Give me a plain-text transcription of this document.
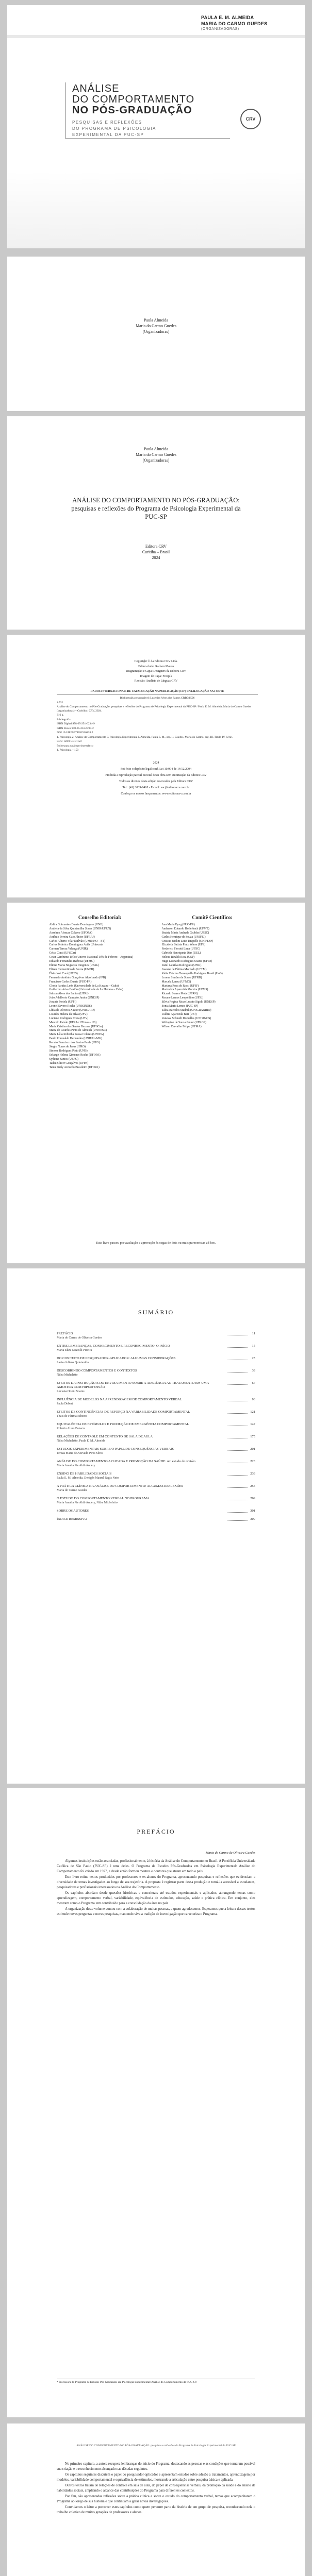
PAULA E. M. ALMEIDA
MARIA DO CARMO GUEDES
(ORGANIZADORAS)
ANÁLISE
DO COMPORTAMENTO
NO PÓS-GRADUAÇÃO
PESQUISAS E REFLEXÕES
DO PROGRAMA DE PSICOLOGIA
EXPERIMENTAL DA PUC-SP
CRV
Paula Almeida
Maria do Carmo Guedes
(Organizadoras)
Paula Almeida
Maria do Carmo Guedes
(Organizadoras)
ANÁLISE DO COMPORTAMENTO NO PÓS-GRADUAÇÃO: pesquisas e reflexões do Programa de Psicologia Experimental da PUC-SP
Editora CRV
Curitiba – Brasil
2024

Copyright © da Editora CRV Ltda.

Editor-chefe: Railson Moura

Diagramação e Capa: Designers da Editora CRV

Imagem de Capa: Freepik

Revisão: Analista de Línguas CRV

DADOS INTERNACIONAIS DE CATALOGAÇÃO NA PUBLICAÇÃO (CIP) CATALOGAÇÃO NA FONTE

Bibliotecária responsável: Luzenira Alves dos Santos CRB9/1506

A532

Análise do Comportamento no Pós-Graduação: pesquisas e reflexões do Programa de Psicologia Experimental da PUC-SP / Paula E. M. Almeida, Maria do Carmo Guedes (organizadoras) – Curitiba : CRV, 2024.

316 p.

Bibliografia

ISBN Digital 978-65-251-6234-9

ISBN Físico 978-65-251-6233-2

DOI 10.24824/978652516233.2

1. Psicologia 2. Análise do Comportamento 3. Psicologia Experimental I. Almeida, Paula E. M., org. II. Guedes, Maria do Carmo, org. III. Título IV. Série.

CDU 159.9 CDD 150

Índice para catálogo sistemático

1. Psicologia – 150

2024

Foi feito o depósito legal conf. Lei 10.994 de 14/12/2004

Proibida a reprodução parcial ou total desta obra sem autorização da Editora CRV

Todos os direitos desta edição reservados pela Editora CRV

Tel.: (41) 3039-6418 - E-mail: sac@editoracrv.com.br

Conheça os nossos lançamentos: www.editoracrv.com.br

Conselho Editorial:
Aldira Guimarães Duarte Domínguez (UNB)
Andréia da Silva Quintanilha Sousa (UNIR/UFRN)
Anselmo Alencar Colares (UFOPA)
Antônio Pereira Gaio Júnior (UFRRJ)
Carlos Alberto Vilar Estêvão (UMINHO – PT)
Carlos Federico Dominguez Avila (Unieuro)
Carmen Tereza Velanga (UNIR)
Celso Conti (UFSCar)
Cesar Gerónimo Tello (Univer. Nacional Três de Febrero – Argentina)
Eduardo Fernandes Barbosa (UFMG)
Elione Maria Nogueira Diogenes (UFAL)
Elizeu Clementino de Souza (UNEB)
Élsio José Corá (UFFS)
Fernando Antônio Gonçalves Alcoforado (IPB)
Francisco Carlos Duarte (PUC-PR)
Gloria Fariñas León (Universidade de La Havana – Cuba)
Guillermo Arias Beatón (Universidade de La Havana – Cuba)
Jailson Alves dos Santos (UFRJ)
João Adalberto Campato Junior (UNESP)
Josania Portela (UFPI)
Leonel Severo Rocha (UNISINOS)
Lídia de Oliveira Xavier (UNIEURO)
Lourdes Helena da Silva (UFV)
Luciano Rodrigues Costa (UFV)
Marcelo Paixão (UFRJ e UTexas – US)
Maria Cristina dos Santos Bezerra (UFSCar)
Maria de Lourdes Pinto de Almeida (UNOESC)
Maria Lília Imbiriba Sousa Colares (UFOPA)
Paulo Romualdo Hernandes (UNIFAL-MG)
Renato Francisco dos Santos Paula (UFG)
Sérgio Nunes de Jesus (IFRO)
Simone Rodrigues Pinto (UNB)
Solange Helena Ximenes-Rocha (UFOPA)
Sydione Santos (UEPG)
Tadeu Oliver Gonçalves (UFPA)
Tania Suely Azevedo Brasileiro (UFOPA)
Comitê Científico:
Ana Maria Eyng (PUC-PR)
Anderson Eduardo Hollerbach (UFMT)
Beatriz Maria Andrade Grubba (UFSC)
Carlos Henrique de Souza (UNIFEI)
Cristina Jardim Leite Tirapelle (UNIFESP)
Elizabeth Batista Pinto Wiese (UFS)
Frederico Fiorotti Lima (UFSC)
Gabriela Henriqueta Dias (UEL)
Helena Rinaldi Rosa (USP)
Hugo Leonardo Rodrigues Soares (UFRJ)
Iramí da Silva Rodrigues (UFRJ)
Joseane de Fátima Machado (UFTM)
Kátia Cristina Tarouquella Rodrigues Brasil (UnB)
Lorena Simões de Souza (UFRB)
Marcela Lanza (UFMG)
Mariana Rosa de Rossi (UFJF)
Marinalva Aparecida Moreira (UFMS)
Ricardo Soares Mota (UFRN)
Rosane Lemos Leopoldino (UFSJ)
Silvia Regina Ricco Lucato Sigolo (UNESP)
Sonia Maria Lemos (PUC-SP)
Talita Barcelos Stadnik (UNIGRANRIO)
Valéria Aparecida Bari (UFJ)
Vanessa Schmidt Dornelles (UNISINOS)
Welington de Souza Junior (UFRGS)
Wilson Carvalho Felipe (UFMA)
Este livro passou por avaliação e aprovação às cegas de dois ou mais pareceristas ad hoc.
SUMÁRIO
PREFÁCIO
Maria do Carmo de Oliveira Guedes
11
ENTRE LEMBRANÇAS, CONHECIMENTO E RECONHECIMENTO: O INÍCIO
Maria Eliza Mazzilli Pereira
15
DO CONCEITO DE PESQUISADOR-APLICADOR: ALGUMAS CONSIDERAÇÕES
Larisa Juliana Quintanilha
25
DESCOBRINDO COMPORTAMENTOS E CONTEXTOS
Nilza Micheletto
39
EFEITOS DA INSTRUÇÃO E DO ENVOLVIMENTO SOBRE A ADERÊNCIA AO TRATAMENTO EM UMA AMOSTRA COM HIPERTENSÃO
Luciana Ottoni Soares
67
INFLUÊNCIA DE MODELOS NA APRENDIZAGEM DE COMPORTAMENTO VERBAL
Paula Debert
93
EFEITOS DE CONTINGÊNCIAS DE REFORÇO NA VARIABILIDADE COMPORTAMENTAL
Thais de Fátima Ribeiro
121
EQUIVALÊNCIA DE ESTÍMULOS E PRODUÇÃO DE EMERGÊNCIA COMPORTAMENTAL
Roberto Alves Banaco
147
RELAÇÕES DE CONTROLE EM CONTEXTO DE SALA DE AULA
Nilza Micheletto, Paula E. M. Almeida
175
ESTUDOS EXPERIMENTAIS SOBRE O PAPEL DE CONSEQUÊNCIAS VERBAIS
Tereza Maria de Azevedo Pires Sério
201
ANÁLISE DO COMPORTAMENTO APLICADA E PROMOÇÃO DA SAÚDE: um estudo de revisão
Maria Amalia Pie Abib Andery
223
ENSINO DE HABILIDADES SOCIAIS
Paula E. M. Almeida, Denigés Maurel Regis Neto
239
A PRÁTICA CLÍNICA NA ANÁLISE DO COMPORTAMENTO: ALGUMAS REFLEXÕES
Maria do Carmo Guedes
255
O ESTUDO DO COMPORTAMENTO VERBAL NO PROGRAMA
Maria Amalia Pie Abib Andery, Nilza Micheletto
269
SOBRE OS AUTORES	301
ÍNDICE REMISSIVO	309
PREFÁCIO
Maria do Carmo de Oliveira Guedes

Algumas instituições estão associadas, profissionalmente, à história da Análise do Comportamento no Brasil. A Pontifícia Universidade Católica de São Paulo (PUC-SP) é uma delas. O Programa de Estudos Pós-Graduados em Psicologia Experimental: Análise do Comportamento foi criado em 1977, e desde então formou mestres e doutores que atuam em todo o país.

Este livro reúne textos produzidos por professores e ex-alunos do Programa, apresentando pesquisas e reflexões que evidenciam a diversidade de temas investigados ao longo de sua trajetória. A proposta é registrar parte dessa produção e torná-la acessível a estudantes, pesquisadores e profissionais interessados na Análise do Comportamento.

Os capítulos abordam desde questões históricas e conceituais até estudos experimentais e aplicados, abrangendo temas como aprendizagem, comportamento verbal, variabilidade, equivalência de estímulos, educação, saúde e prática clínica. Em conjunto, eles mostram como o Programa tem contribuído para a consolidação da área no país.

A organização deste volume contou com a colaboração de muitas pessoas, a quem agradecemos. Esperamos que a leitura desses textos estimule novas perguntas e novas pesquisas, mantendo viva a tradição de investigação que caracteriza o Programa.

* Professora do Programa de Estudos Pós-Graduados em Psicologia Experimental: Análise do Comportamento da PUC-SP.
ANÁLISE DO COMPORTAMENTO NO PÓS-GRADUAÇÃO: pesquisas e reflexões do Programa de Psicologia Experimental da PUC-SP

No primeiro capítulo, a autora recupera lembranças do início do Programa, destacando as pessoas e as condições que tornaram possível sua criação e o reconhecimento alcançado nas décadas seguintes.

Os capítulos seguintes discutem o papel do pesquisador-aplicador e apresentam estudos sobre adesão a tratamentos, aprendizagem por modelos, variabilidade comportamental e equivalência de estímulos, mostrando a articulação entre pesquisa básica e aplicada.

Outros textos tratam de relações de controle em sala de aula, do papel de consequências verbais, da promoção da saúde e do ensino de habilidades sociais, ampliando o alcance das contribuições do Programa para diferentes contextos.

Por fim, são apresentadas reflexões sobre a prática clínica e sobre o estudo do comportamento verbal, temas que acompanharam o Programa ao longo de sua história e que continuam a gerar novas investigações.

Convidamos o leitor a percorrer estes capítulos como quem percorre parte da história de um grupo de pesquisa, reconhecendo nela o trabalho coletivo de muitas gerações de professores e alunos.
